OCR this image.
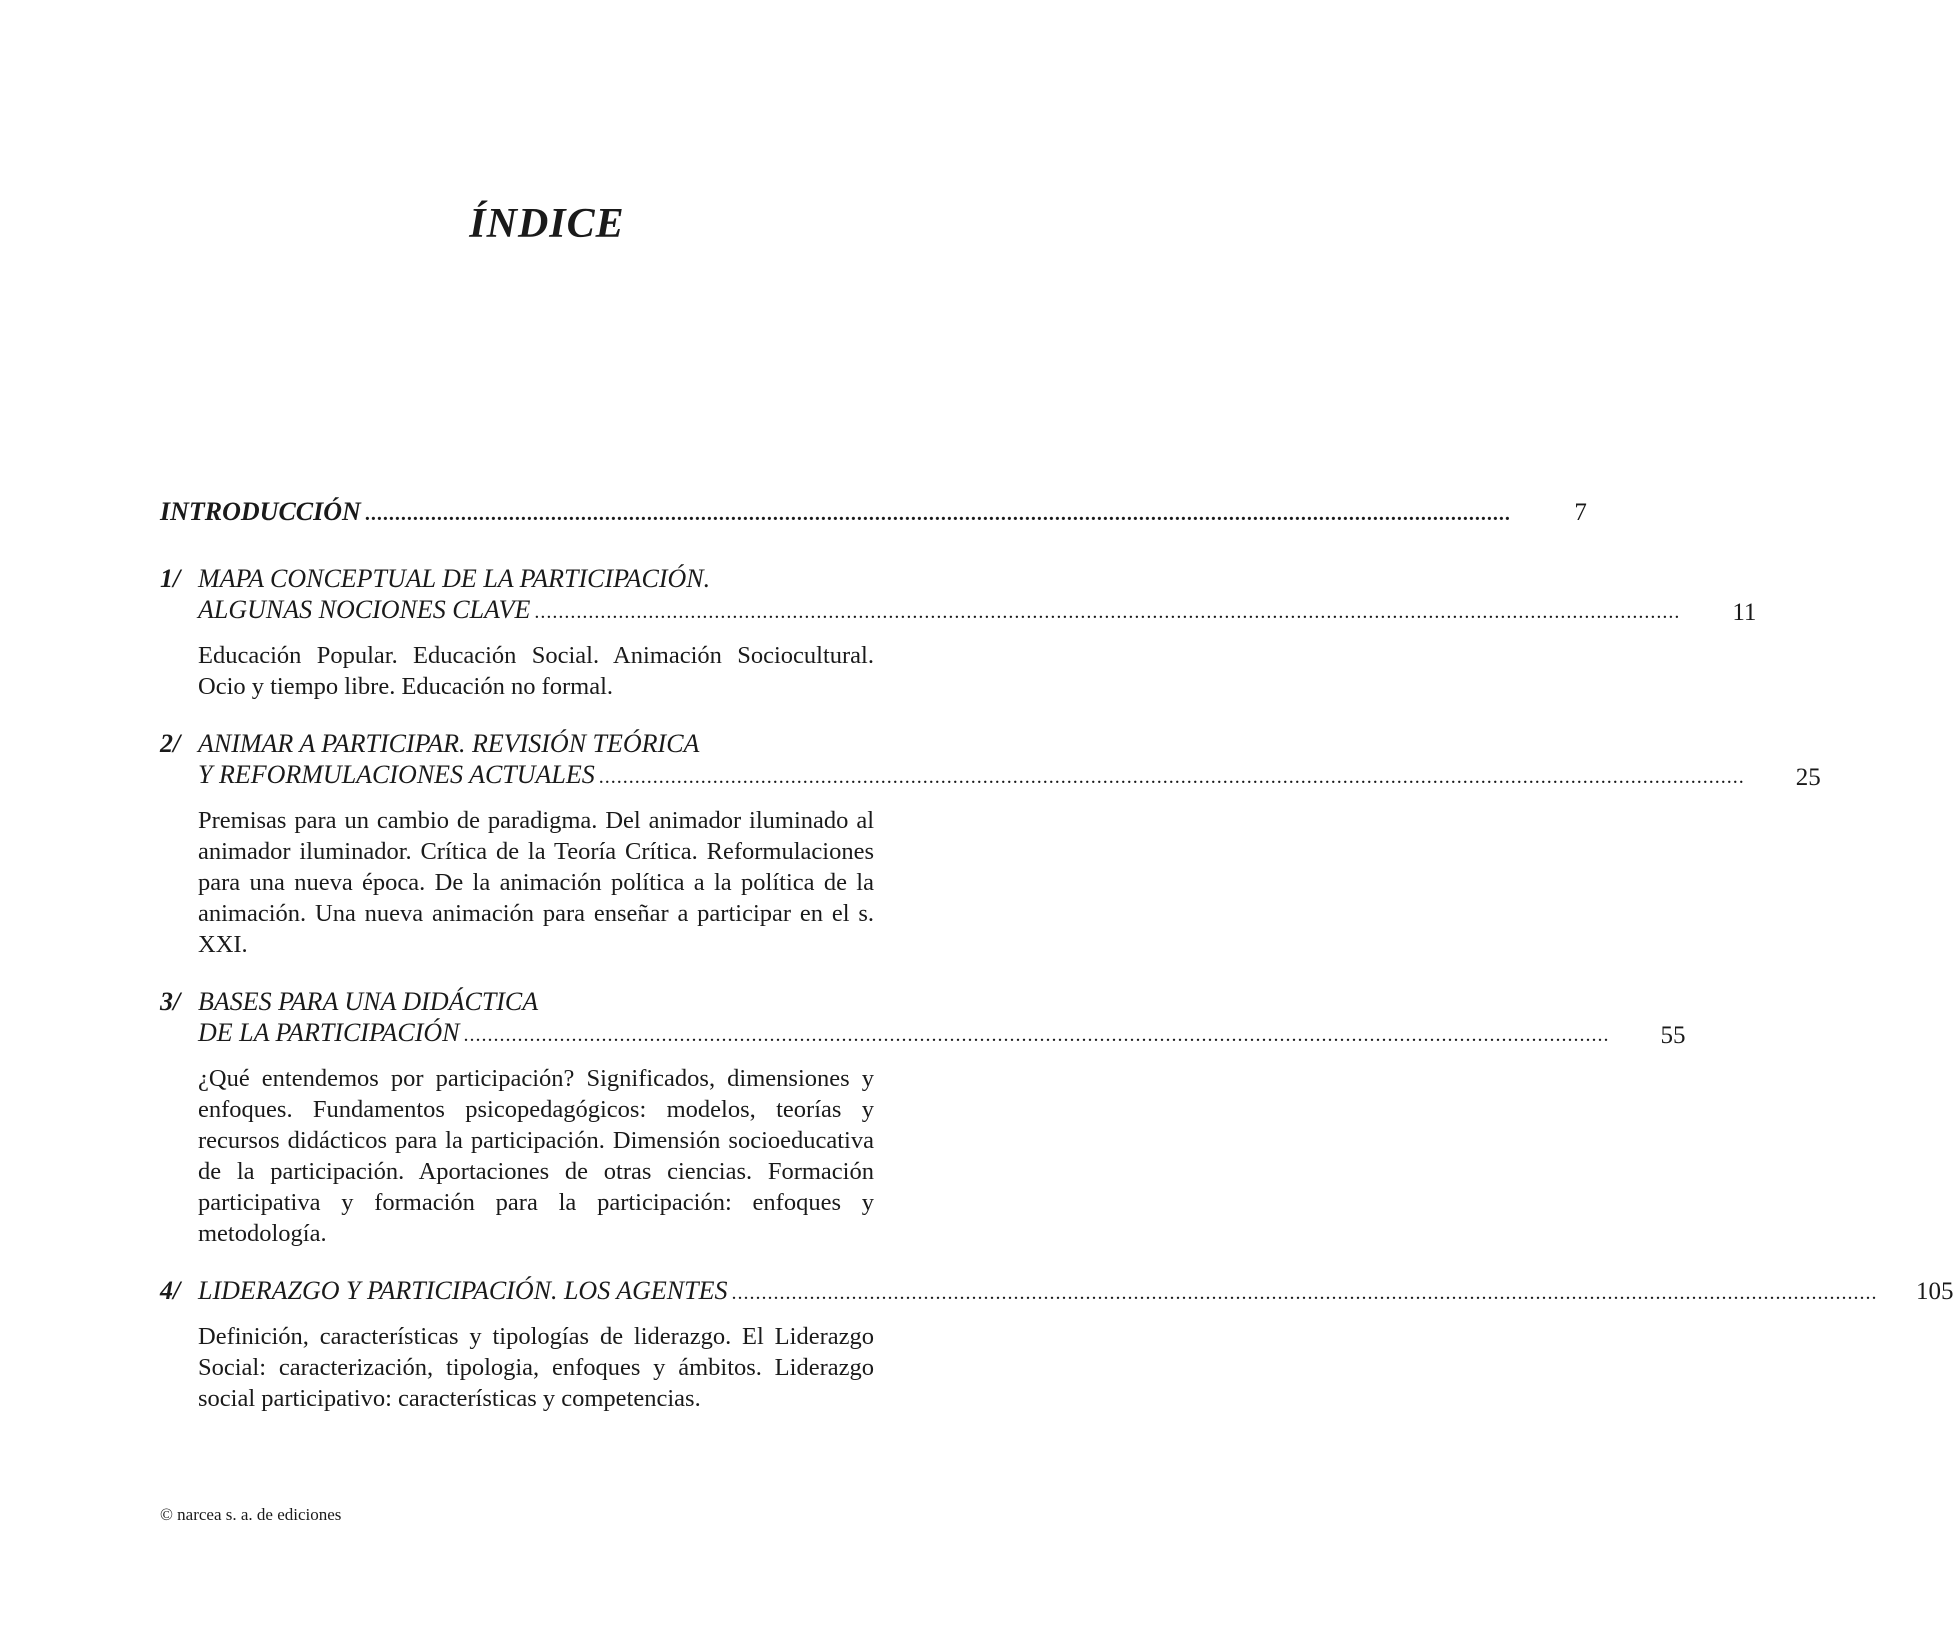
ÍNDICE
INTRODUCCIÓN .....	7
1/ MAPA CONCEPTUAL DE LA PARTICIPACIÓN.
ALGUNAS NOCIONES CLAVE .....	11

Educación Popular. Educación Social. Animación Sociocultural. Ocio y tiempo libre. Educación no formal.

2/ ANIMAR A PARTICIPAR. REVISIÓN TEÓRICA
Y REFORMULACIONES ACTUALES .....	25

Premisas para un cambio de paradigma. Del animador iluminado al animador iluminador. Crítica de la Teoría Crítica. Reformulaciones para una nueva época. De la animación política a la política de la animación. Una nueva animación para enseñar a participar en el s. XXI.

3/ BASES PARA UNA DIDÁCTICA
DE LA PARTICIPACIÓN .....	55

¿Qué entendemos por participación? Significados, dimensiones y enfoques. Fundamentos psicopedagógicos: modelos, teorías y recursos didácticos para la participación. Dimensión socioeducativa de la participación. Aportaciones de otras ciencias. Formación participativa y formación para la participación: enfoques y metodología.

4/ LIDERAZGO Y PARTICIPACIÓN. LOS AGENTES .....	105

Definición, características y tipologías de liderazgo. El Liderazgo Social: caracterización, tipologia, enfoques y ámbitos. Liderazgo social participativo: características y competencias.

© narcea s. a. de ediciones
